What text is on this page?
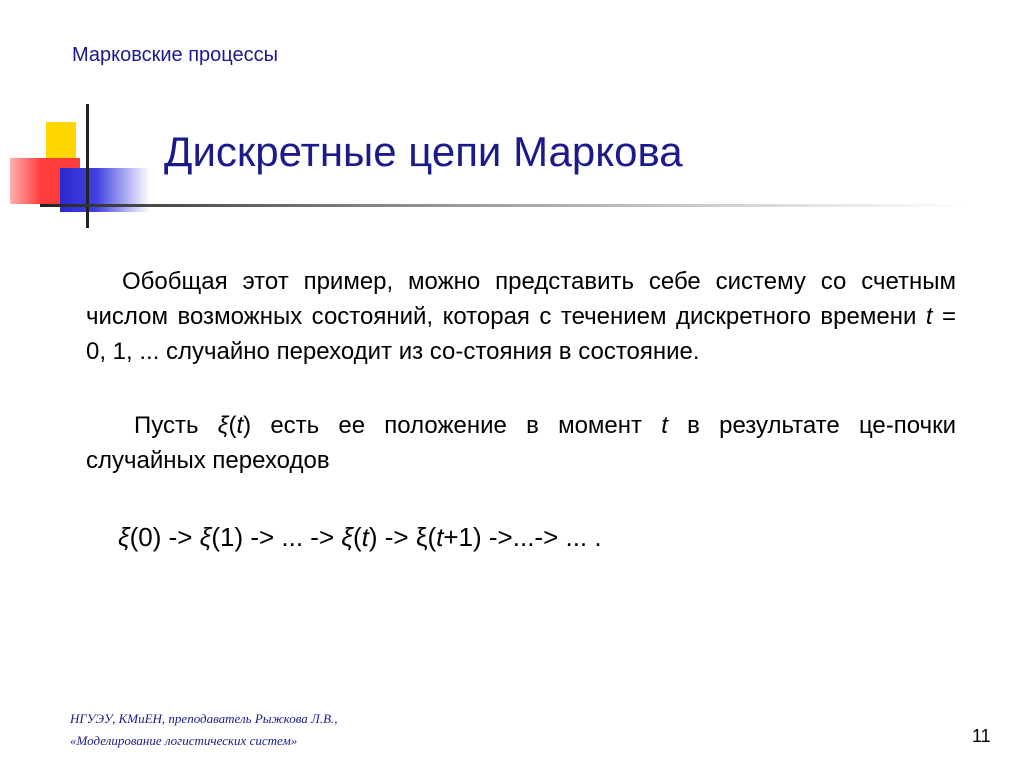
Марковские процессы
Дискретные цепи Маркова
Обобщая этот пример, можно представить себе систему со счетным числом возможных состояний, которая с течением дискретного времени t = 0, 1, ... случайно переходит из со-стояния в состояние.
Пусть ξ(t) есть ее положение в момент t в результате це-почки случайных переходов
ξ(0) -> ξ(1) -> ... -> ξ(t) -> ξ(t+1) ->...-> ... .
НГУЭУ, КМиЕН, преподаватель Рыжкова Л.В.,
«Моделирование логистических систем»	11
